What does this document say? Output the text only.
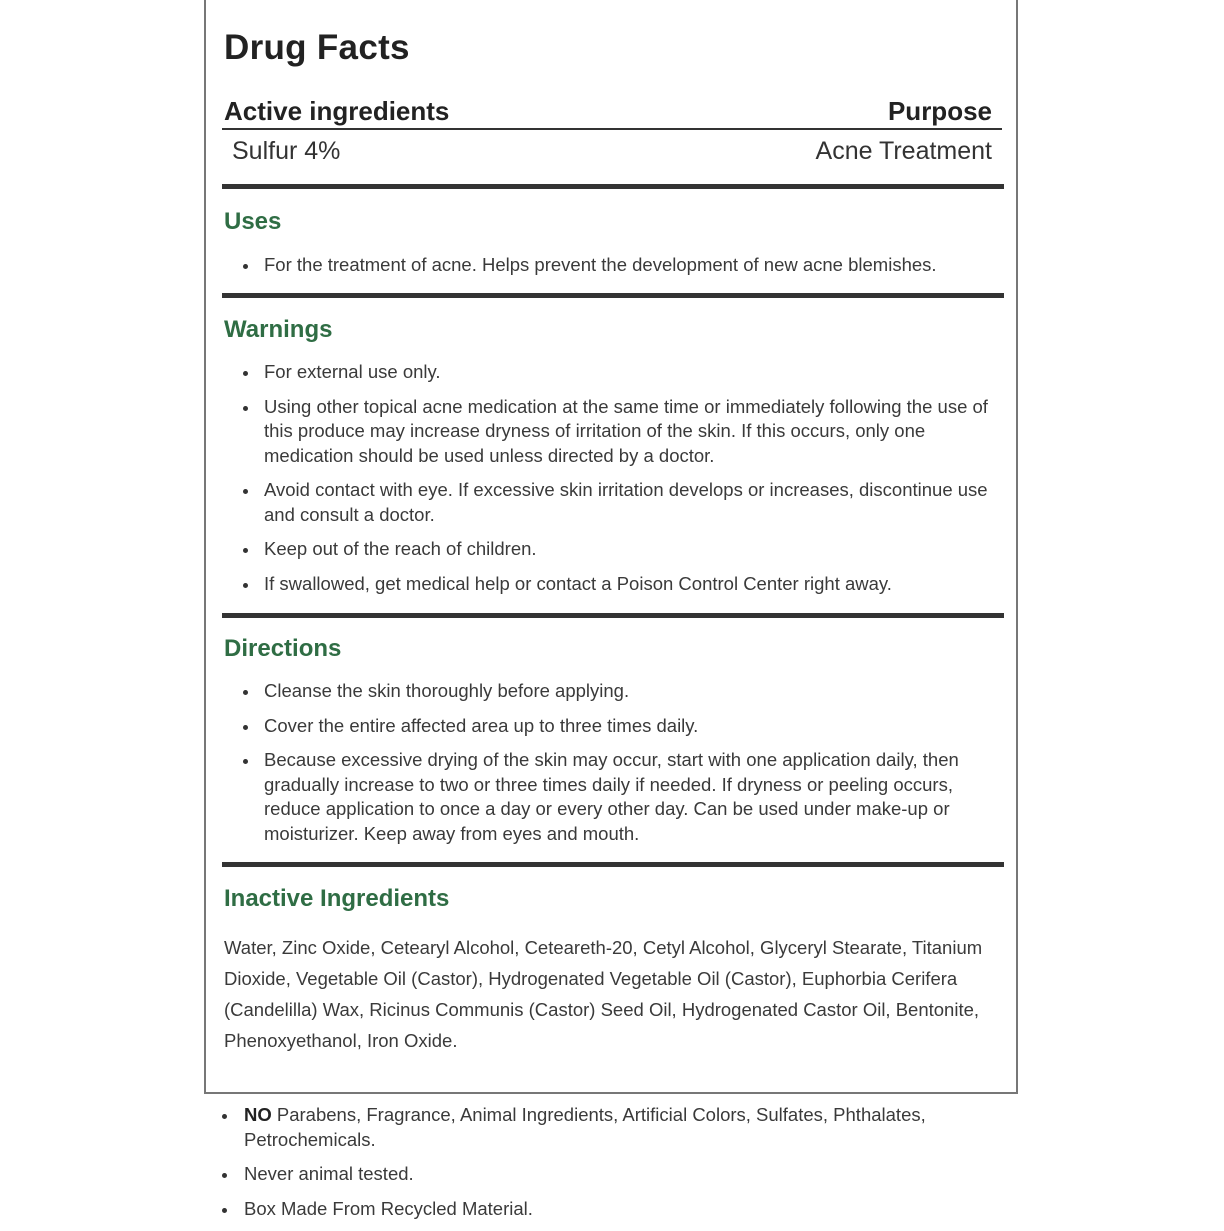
Drug Facts
Active ingredients	Purpose
Sulfur 4%	Acne Treatment
Uses
For the treatment of acne. Helps prevent the development of new acne blemishes.
Warnings
For external use only.
Using other topical acne medication at the same time or immediately following the use of this produce may increase dryness of irritation of the skin. If this occurs, only one medication should be used unless directed by a doctor.
Avoid contact with eye. If excessive skin irritation develops or increases, discontinue use and consult a doctor.
Keep out of the reach of children.
If swallowed, get medical help or contact a Poison Control Center right away.
Directions
Cleanse the skin thoroughly before applying.
Cover the entire affected area up to three times daily.
Because excessive drying of the skin may occur, start with one application daily, then gradually increase to two or three times daily if needed. If dryness or peeling occurs, reduce application to once a day or every other day. Can be used under make-up or moisturizer. Keep away from eyes and mouth.
Inactive Ingredients
Water, Zinc Oxide, Cetearyl Alcohol, Ceteareth-20, Cetyl Alcohol, Glyceryl Stearate, Titanium Dioxide, Vegetable Oil (Castor), Hydrogenated Vegetable Oil (Castor), Euphorbia Cerifera (Candelilla) Wax, Ricinus Communis (Castor) Seed Oil, Hydrogenated Castor Oil, Bentonite, Phenoxyethanol, Iron Oxide.
NO Parabens, Fragrance, Animal Ingredients, Artificial Colors, Sulfates, Phthalates, Petrochemicals.
Never animal tested.
Box Made From Recycled Material.
